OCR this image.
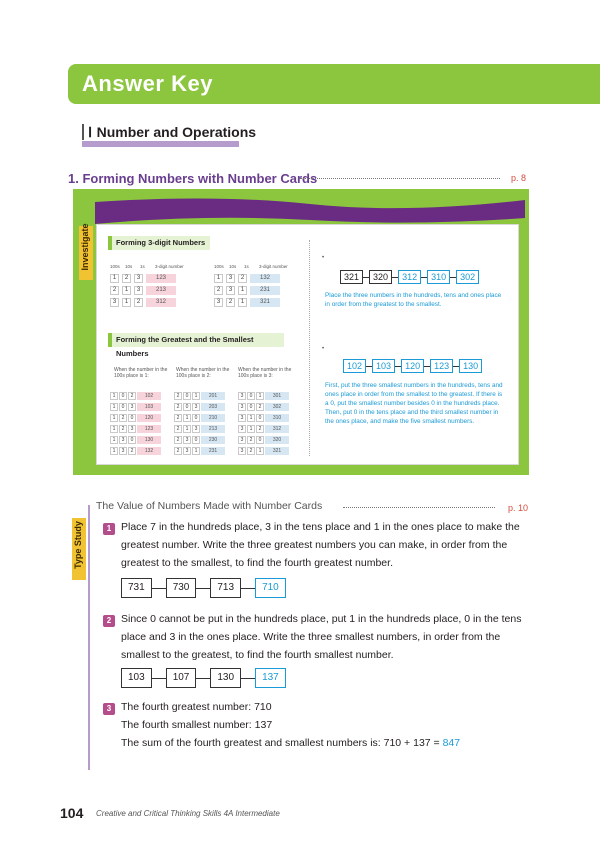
Answer Key
Ⅰ Number and Operations
1. Forming Numbers with Number Cards	p. 8
Investigate	Forming 3-digit Numbers
100s	10s	1s	3-digit number
1	2	3	123
2	1	3	213
3	1	2	312
100s	10s	1s	3-digit number
1	3	2	132
2	3	1	231
3	2	1	321
Forming the Greatest and the Smallest Numbers
When the number in the 100s place is 1:
When the number in the 100s place is 2:
When the number in the 100s place is 3:
1	0	2	102
1	0	3	103
1	2	0	120
1	2	3	123
1	3	0	130
1	3	2	132
2	0	1	201
2	0	3	203
2	1	0	210
2	1	3	213
2	3	0	230
2	3	1	231
3	0	1	301
3	0	2	302
3	1	0	310
3	1	2	312
3	2	0	320
3	2	1	321
•
321	320	312	310	302
Place the three numbers in the hundreds, tens and ones place in order from the greatest to the smallest.
•
102	103	120	123	130
First, put the three smallest numbers in the hundreds, tens and ones place in order from the smallest to the greatest. If there is a 0, put the smallest number besides 0 in the hundreds place. Then, put 0 in the tens place and the third smallest number in the ones place, and make the five smallest numbers.
Type Study
The Value of Numbers Made with Number Cards	p. 10
1 Place 7 in the hundreds place, 3 in the tens place and 1 in the ones place to make the greatest number. Write the three greatest numbers you can make, in order from the greatest to the smallest, to find the fourth greatest number.
731	730	713	710
2 Since 0 cannot be put in the hundreds place, put 1 in the hundreds place, 0 in the tens place and 3 in the ones place. Write the three smallest numbers, in order from the smallest to the greatest, to find the fourth smallest number.
103	107	130	137
3 The fourth greatest number: 710
The fourth smallest number: 137
The sum of the fourth greatest and smallest numbers is: 710 + 137 = 847
104 Creative and Critical Thinking Skills 4A Intermediate
